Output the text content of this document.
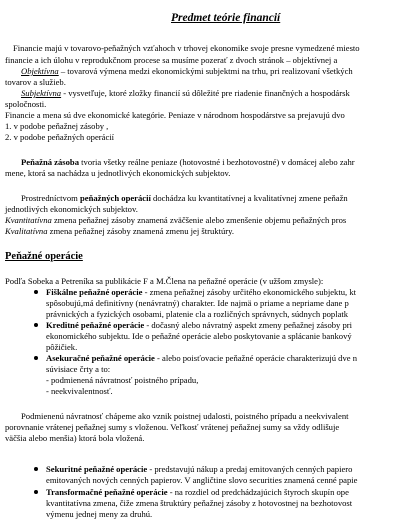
Predmet teórie financií
Financie majú v tovarovo-peňažných vzťahoch v trhovej ekonomike svoje presne vymedzené miesto
financie a ich úlohu v reprodukčnom procese sa musíme pozerať z dvoch stránok – objektívnej a
Objektívna – tovarová výmena medzi ekonomickými subjektmi na trhu, pri realizovaní všetkých
tovarov a služieb.
Subjektívna - vysvetľuje, ktoré zložky financií sú dôležité pre riadenie finančných a hospodársk
spoločnosti.
Financie a mena sú dve ekonomické kategórie. Peniaze v národnom hospodárstve sa prejavujú dvo
1. v podobe peňažnej zásoby ,
2. v podobe peňažných operácií
Peňažná zásoba tvoria všetky reálne peniaze (hotovostné i bezhotovostné) v domácej alebo zahr
mene, ktorá sa nachádza u jednotlivých ekonomických subjektov.
Prostredníctvom peňažných operácií dochádza ku kvantitatívnej a kvalitatívnej zmene peňažn
jednotlivých ekonomických subjektov.
Kvantitatívna zmena peňažnej zásoby znamená zväčšenie alebo zmenšenie objemu peňažných pros
Kvalitatívna zmena peňažnej zásoby znamená zmenu jej štruktúry.
Peňažné operácie
Podľa Sobeka a Petreníka sa publikácie F a M.Člena na peňažné operácie (v užšom zmysle):
Fiškálne peňažné operácie - zmena peňažnej zásoby určitého ekonomického subjektu, kt
spôsobujú,má definitívny (nenávratný) charakter. Ide najmä o priame a nepriame dane p
právnických a fyzických osobami, platenie cla a rozličných správnych, súdnych poplatk
Kreditné peňažné operácie - dočasný alebo návratný aspekt zmeny peňažnej zásoby pri
ekonomického subjektu. Ide o peňažné operácie alebo poskytovanie a splácanie bankový
pôžičiek.
Asekuračné peňažné operácie - alebo poisťovacie peňažné operácie charakterizujú dve n
súvisiace črty a to:
- podmienená návratnosť poistného prípadu,
- neekvivalentnosť.
Podmienenú návratnosť chápeme ako vznik poistnej udalosti, poistného prípadu a neekvivalent
porovnanie vrátenej peňažnej sumy s vloženou. Veľkosť vrátenej peňažnej sumy sa vždy odlišuje
väčšia alebo menšia) ktorá bola vložená.
Sekuritné peňažné operácie - predstavujú nákup a predaj emitovaných cenných papiero
emitovaných nových cenných papierov. V angličtine slovo securities znamená cenné papie
Transformačné peňažné operácie - na rozdiel od predchádzajúcich štyroch skupín ope
kvantitatívna zmena, čiže zmena štruktúry peňažnej zásoby z hotovostnej na bezhotovost
výmenu jednej meny za druhú.
